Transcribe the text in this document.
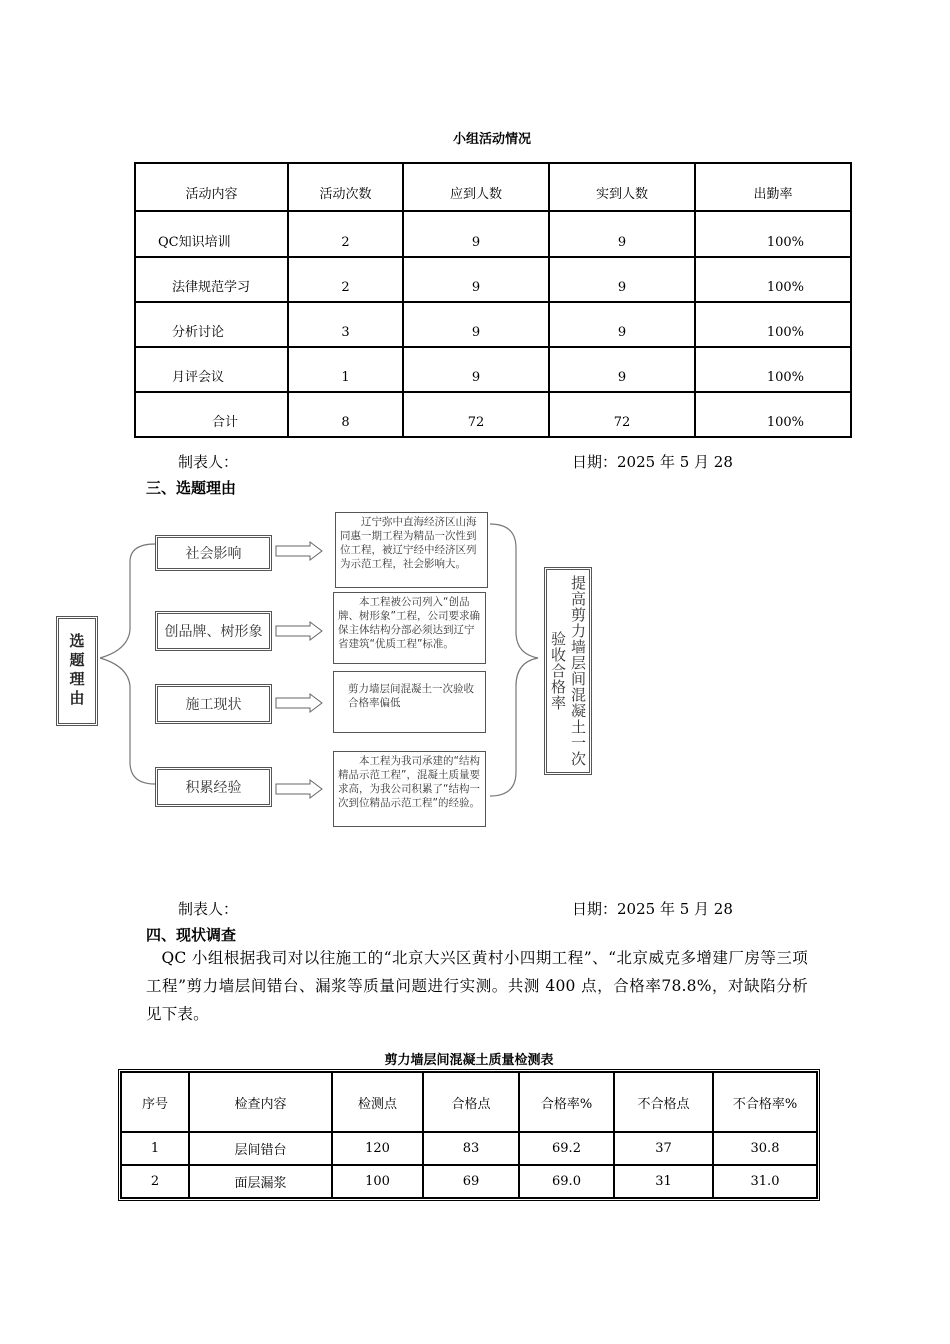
小组活动情况
活动内容	活动次数	应到人数	实到人数	出勤率
QC知识培训	2	9	9	100%
法律规范学习	2	9	9	100%
分析讨论	3	9	9	100%
月评会议	1	9	9	100%
合计	8	72	72	100%
制表人：	日期：2025 年 5 月 28
三、选题理由
选题理由
社会影响
创品牌、树形象
施工现状
积累经验
辽宁弥中直海经济区山海同惠一期工程为精品一次性到位工程，被辽宁经中经济区列为示范工程，社会影响大。
本工程被公司列入“创品牌、树形象”工程，公司要求确保主体结构分部必须达到辽宁省建筑“优质工程”标准。
剪力墙层间混凝土一次验收合格率偏低
本工程为我司承建的“结构精品示范工程”，混凝土质量要求高，为我公司积累了“结构一次到位精品示范工程”的经验。
提高剪力墙层间混凝土一次验收合格率
制表人：	日期：2025 年 5 月 28
四、现状调查
QC 小组根据我司对以往施工的“北京大兴区黄村小四期工程”、“北京威克多增建厂房等三项工程”剪力墙层间错台、漏浆等质量问题进行实测。共测 400 点，合格率78.8%，对缺陷分析见下表。
剪力墙层间混凝土质量检测表
序号	检查内容	检测点	合格点	合格率%	不合格点	不合格率%
1	层间错台	120	83	69.2	37	30.8
2	面层漏浆	100	69	69.0	31	31.0
